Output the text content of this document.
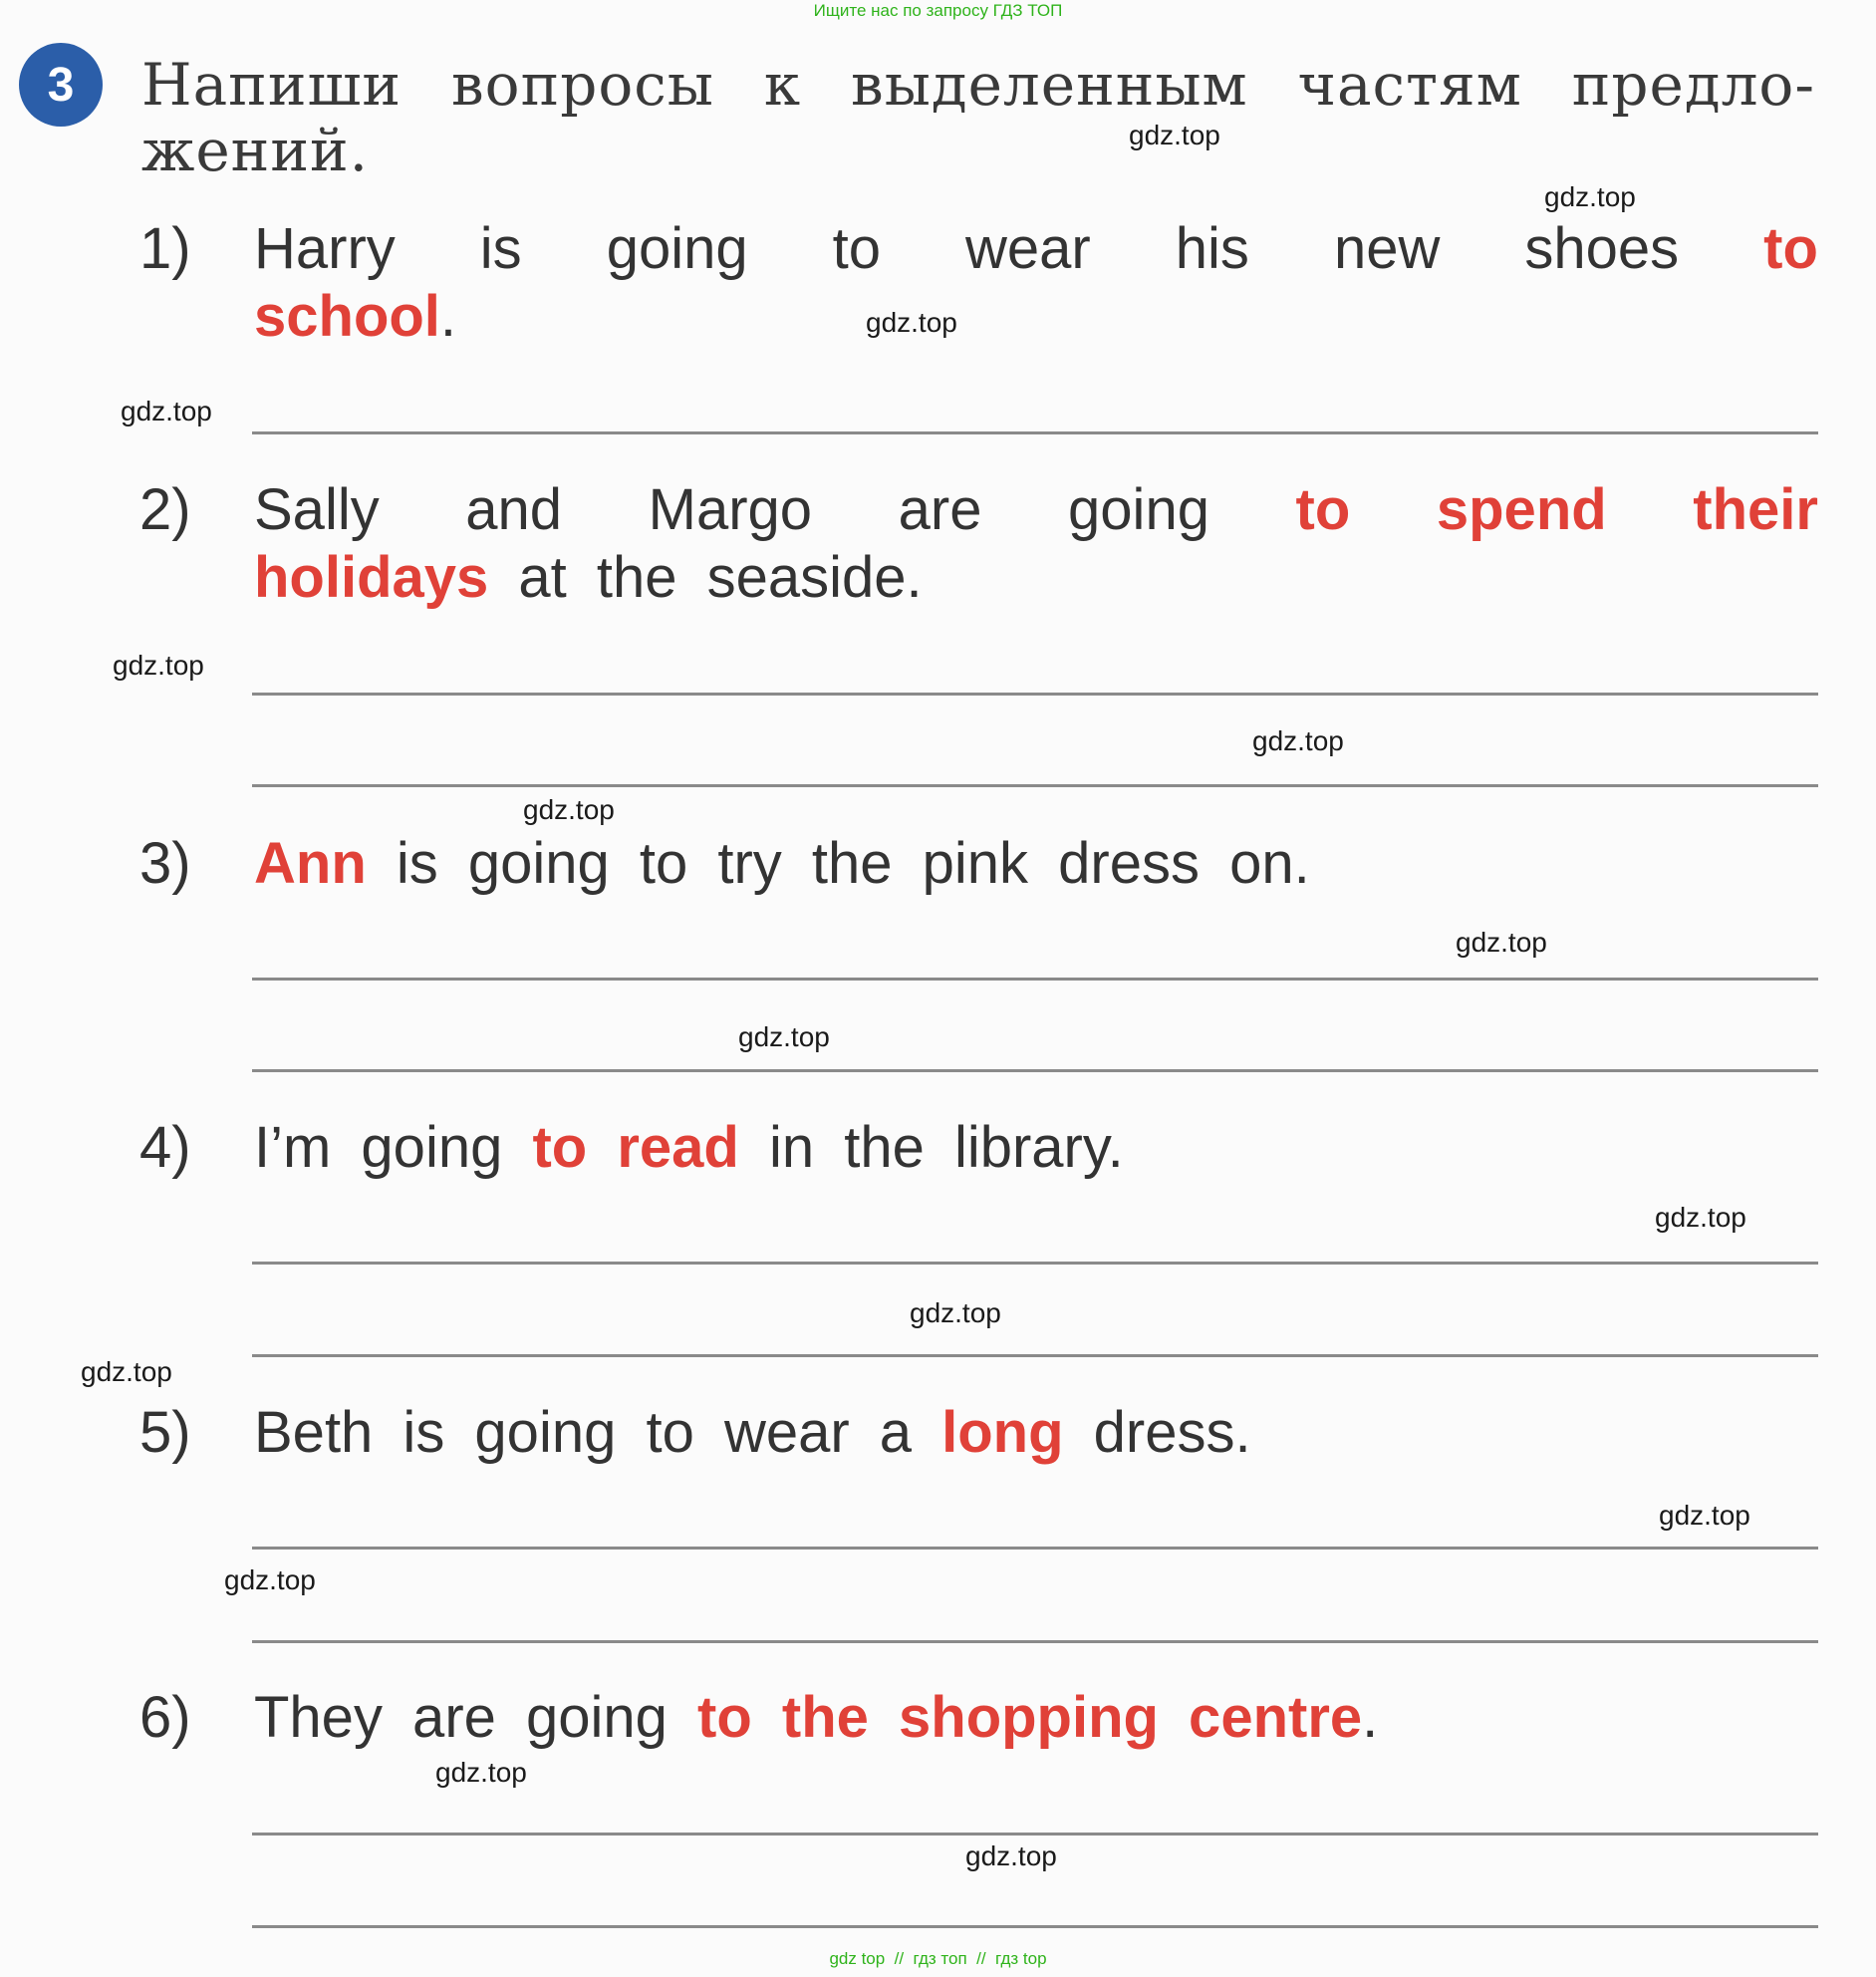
Ищите нас по запросу ГДЗ ТОП
3	Напиши вопросы к выделенным частям предло-
жений.
1) Harry is going to wear his new shoes to
school.
2) Sally and Margo are going to spend their
holidays at the seaside.
3) Ann is going to try the pink dress on.
4) I’m going to read in the library.
5) Beth is going to wear a long dress.
6) They are going to the shopping centre.
gdz.top
gdz.top
gdz.top
gdz.top
gdz.top
gdz.top
gdz.top
gdz.top
gdz.top
gdz.top
gdz.top
gdz.top
gdz.top
gdz.top
gdz.top
gdz.top
gdz top  //  гдз топ  //  гдз top
